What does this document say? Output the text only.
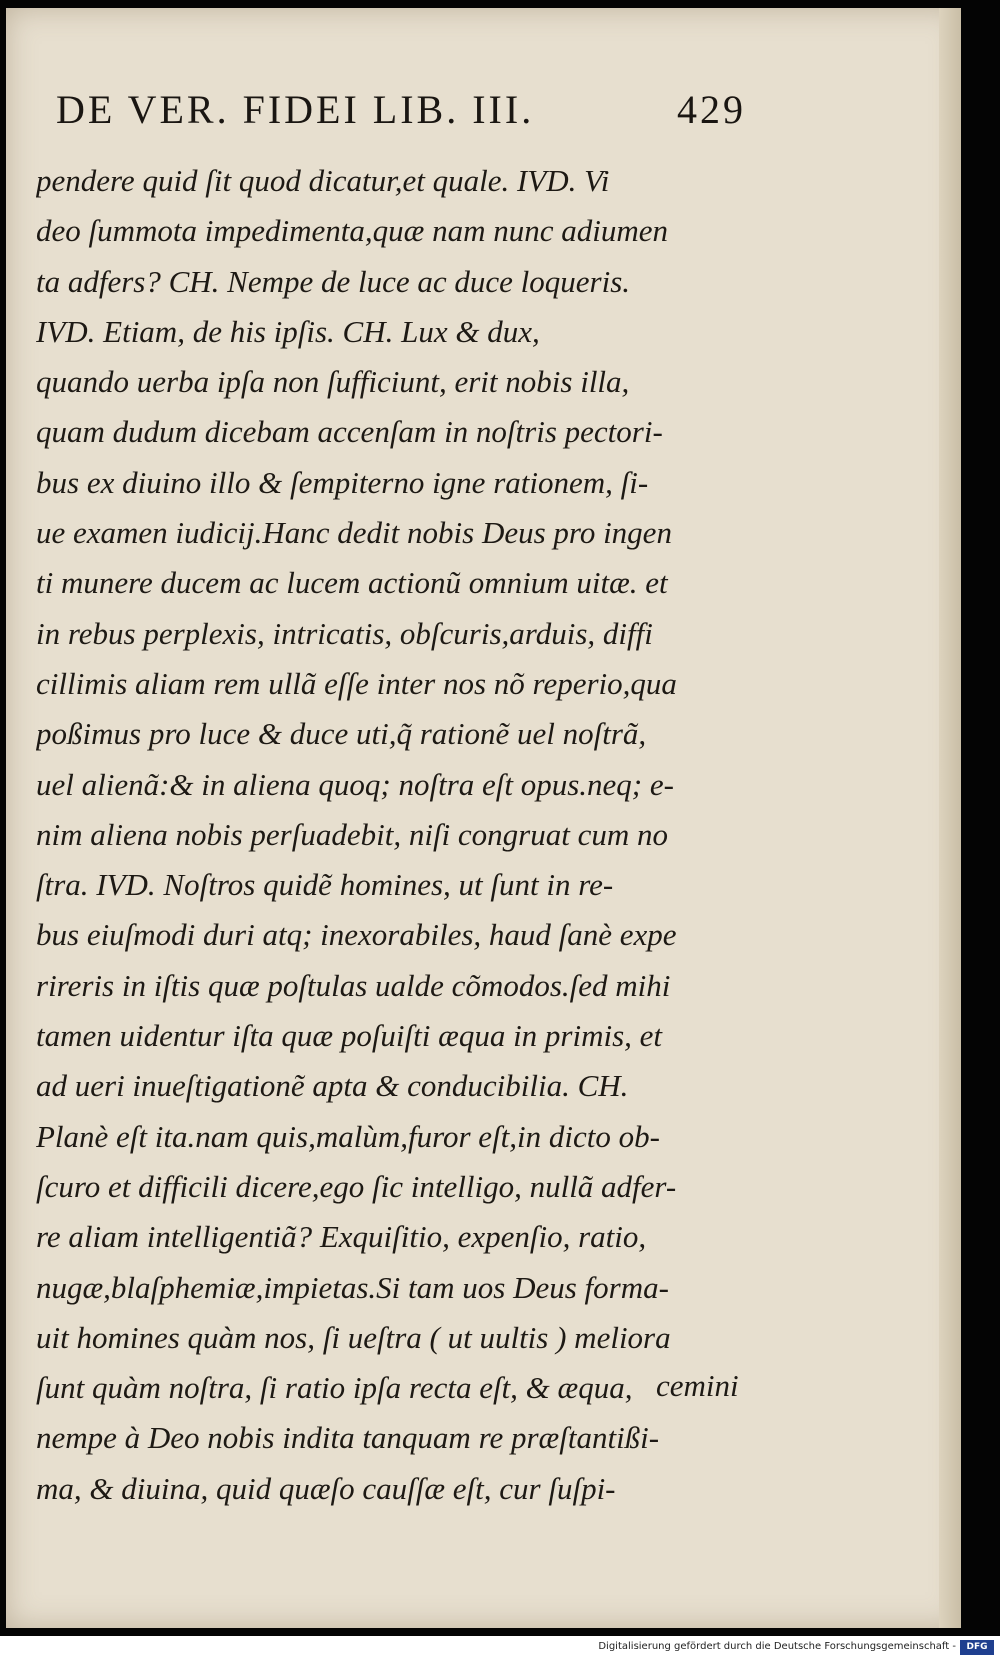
DE VER. FIDEI LIB. III.	429
pendere quid ſit quod dicatur,et quale. IVD. Vi
deo ſummota impedimenta,quæ nam nunc adiumen
ta adfers? CH. Nempe de luce ac duce loqueris.
IVD. Etiam, de his ipſis. CH. Lux & dux,
quando uerba ipſa non ſufficiunt, erit nobis illa,
quam dudum dicebam accenſam in noſtris pectori-
bus ex diuino illo & ſempiterno igne rationem, ſi-
ue examen iudicij.Hanc dedit nobis Deus pro ingen
ti munere ducem ac lucem actionũ omnium uitæ. et
in rebus perplexis, intricatis, obſcuris,arduis, diffi
cillimis aliam rem ullã eſſe inter nos nõ reperio,qua
poßimus pro luce & duce uti,q̃ rationẽ uel noſtrã,
uel alienã:& in aliena quoq; noſtra eſt opus.neq; e-
nim aliena nobis perſuadebit, niſi congruat cum no
ſtra. IVD. Noſtros quidẽ homines, ut ſunt in re-
bus eiuſmodi duri atq; inexorabiles, haud ſanè expe
rireris in iſtis quæ poſtulas ualde cõmodos.ſed mihi
tamen uidentur iſta quæ poſuiſti æqua in primis, et
ad ueri inueſtigationẽ apta & conducibilia. CH.
Planè eſt ita.nam quis,malùm,furor eſt,in dicto ob-
ſcuro et difficili dicere,ego ſic intelligo, nullã adfer-
re aliam intelligentiã? Exquiſitio, expenſio, ratio,
nugæ,blaſphemiæ,impietas.Si tam uos Deus forma-
uit homines quàm nos, ſi ueſtra ( ut uultis ) meliora
ſunt quàm noſtra, ſi ratio ipſa recta eſt, & æqua,
nempe à Deo nobis indita tanquam re præſtantißi-
ma, & diuina, quid quæſo cauſſæ eſt, cur ſuſpi-
cemini
Digitalisierung gefördert durch die Deutsche Forschungsgemeinschaft -	DFG
